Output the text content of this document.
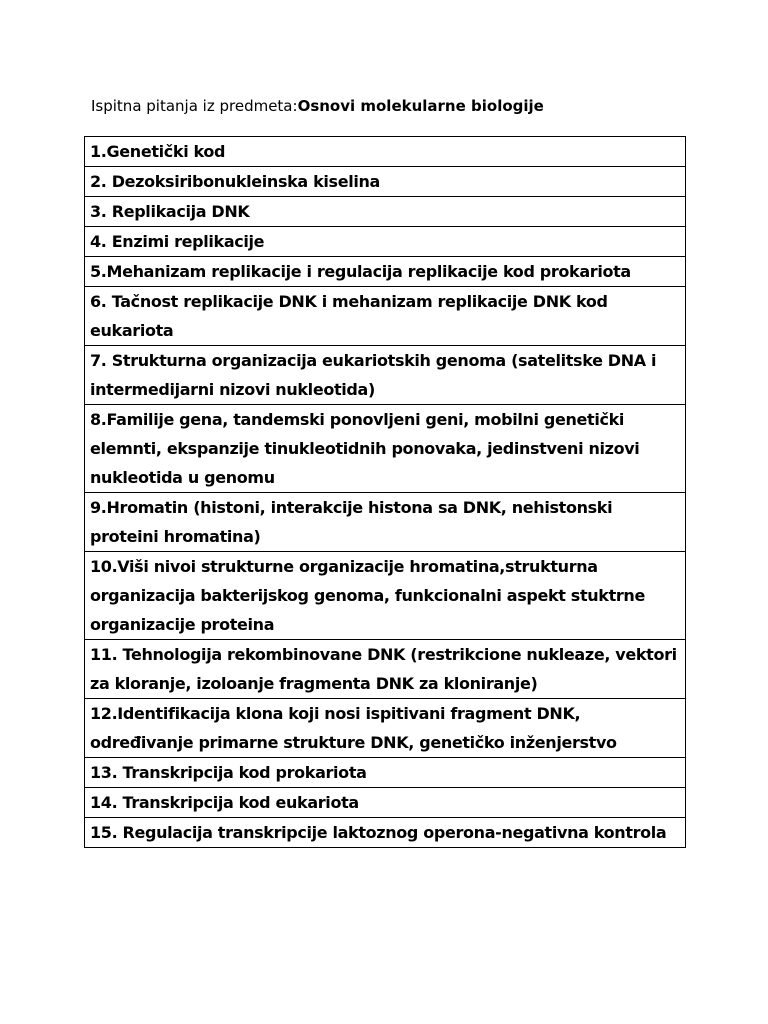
Ispitna pitanja iz predmeta:Osnovi molekularne biologije
1.Genetički kod

2. Dezoksiribonukleinska kiselina

3. Replikacija DNK

4. Enzimi replikacije

5.Mehanizam replikacije i regulacija replikacije kod prokariota

6. Tačnost replikacije DNK i mehanizam replikacije DNK kod eukariota

7. Strukturna organizacija eukariotskih genoma (satelitske DNA i intermedijarni nizovi nukleotida)

8.Familije gena, tandemski ponovljeni geni, mobilni genetički elemnti, ekspanzije tinukleotidnih ponovaka, jedinstveni nizovi nukleotida u genomu

9.Hromatin (histoni, interakcije histona sa DNK, nehistonski proteini hromatina)

10.Viši nivoi strukturne organizacije hromatina,strukturna organizacija bakterijskog genoma, funkcionalni aspekt stuktrne organizacije proteina

11. Tehnologija rekombinovane DNK (restrikcione nukleaze, vektori za kloranje, izoloanje fragmenta DNK za kloniranje)

12.Identifikacija klona koji nosi ispitivani fragment DNK, određivanje primarne strukture DNK, genetičko inženjerstvo

13. Transkripcija kod prokariota

14. Transkripcija kod eukariota

15. Regulacija transkripcije laktoznog operona-negativna kontrola
